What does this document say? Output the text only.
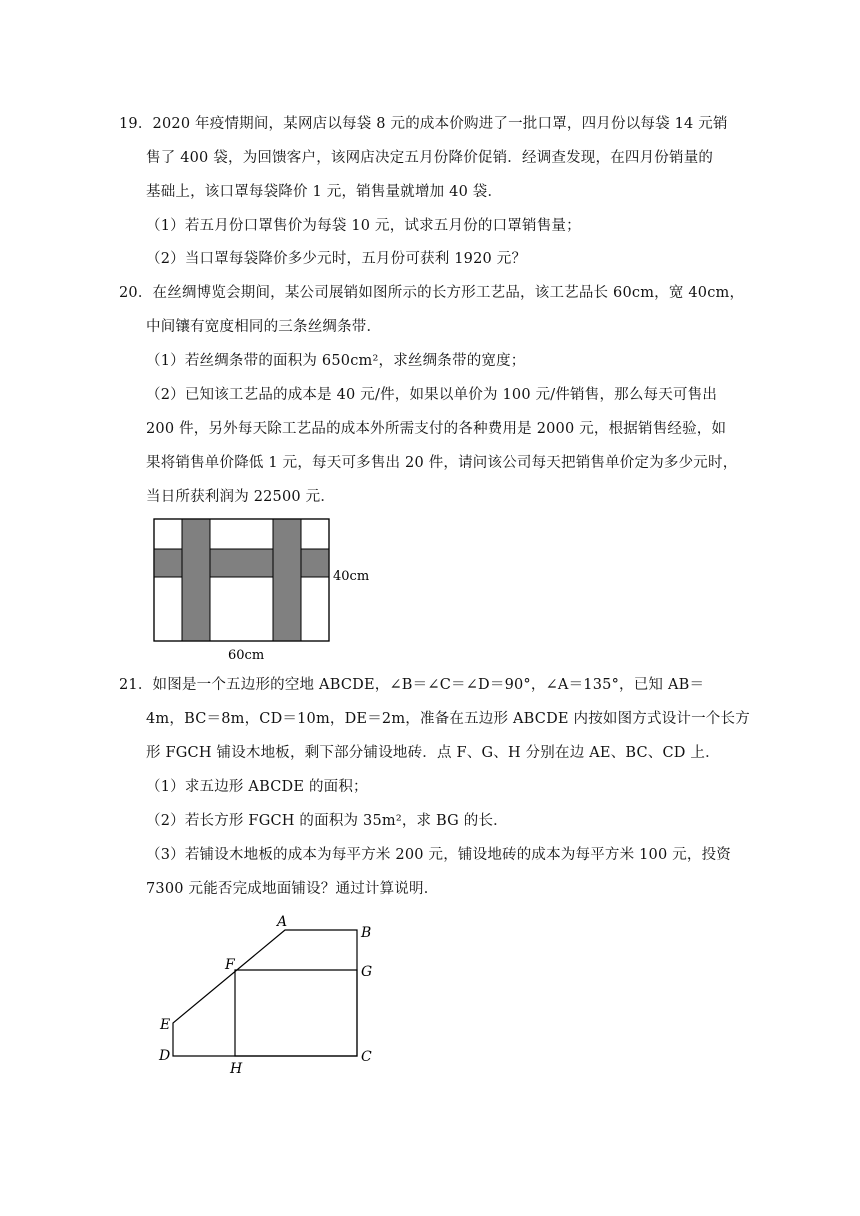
19．2020 年疫情期间，某网店以每袋 8 元的成本价购进了一批口罩，四月份以每袋 14 元销
售了 400 袋，为回馈客户，该网店决定五月份降价促销．经调查发现，在四月份销量的
基础上，该口罩每袋降价 1 元，销售量就增加 40 袋．
（1）若五月份口罩售价为每袋 10 元，试求五月份的口罩销售量；
（2）当口罩每袋降价多少元时，五月份可获利 1920 元？
20．在丝绸博览会期间，某公司展销如图所示的长方形工艺品，该工艺品长 60cm，宽 40cm，
中间镶有宽度相同的三条丝绸条带．
（1）若丝绸条带的面积为 650cm²，求丝绸条带的宽度；
（2）已知该工艺品的成本是 40 元/件，如果以单价为 100 元/件销售，那么每天可售出
200 件，另外每天除工艺品的成本外所需支付的各种费用是 2000 元，根据销售经验，如
果将销售单价降低 1 元，每天可多售出 20 件，请问该公司每天把销售单价定为多少元时，
当日所获利润为 22500 元．
40cm
60cm
21．如图是一个五边形的空地 ABCDE，∠B＝∠C＝∠D＝90°，∠A＝135°，已知 AB＝
4m，BC＝8m，CD＝10m，DE＝2m，准备在五边形 ABCDE 内按如图方式设计一个长方
形 FGCH 铺设木地板，剩下部分铺设地砖．点 F、G、H 分别在边 AE、BC、CD 上．
（1）求五边形 ABCDE 的面积；
（2）若长方形 FGCH 的面积为 35m²，求 BG 的长．
（3）若铺设木地板的成本为每平方米 200 元，铺设地砖的成本为每平方米 100 元，投资
7300 元能否完成地面铺设？通过计算说明．
A
B
F	G
E
D	C
H
